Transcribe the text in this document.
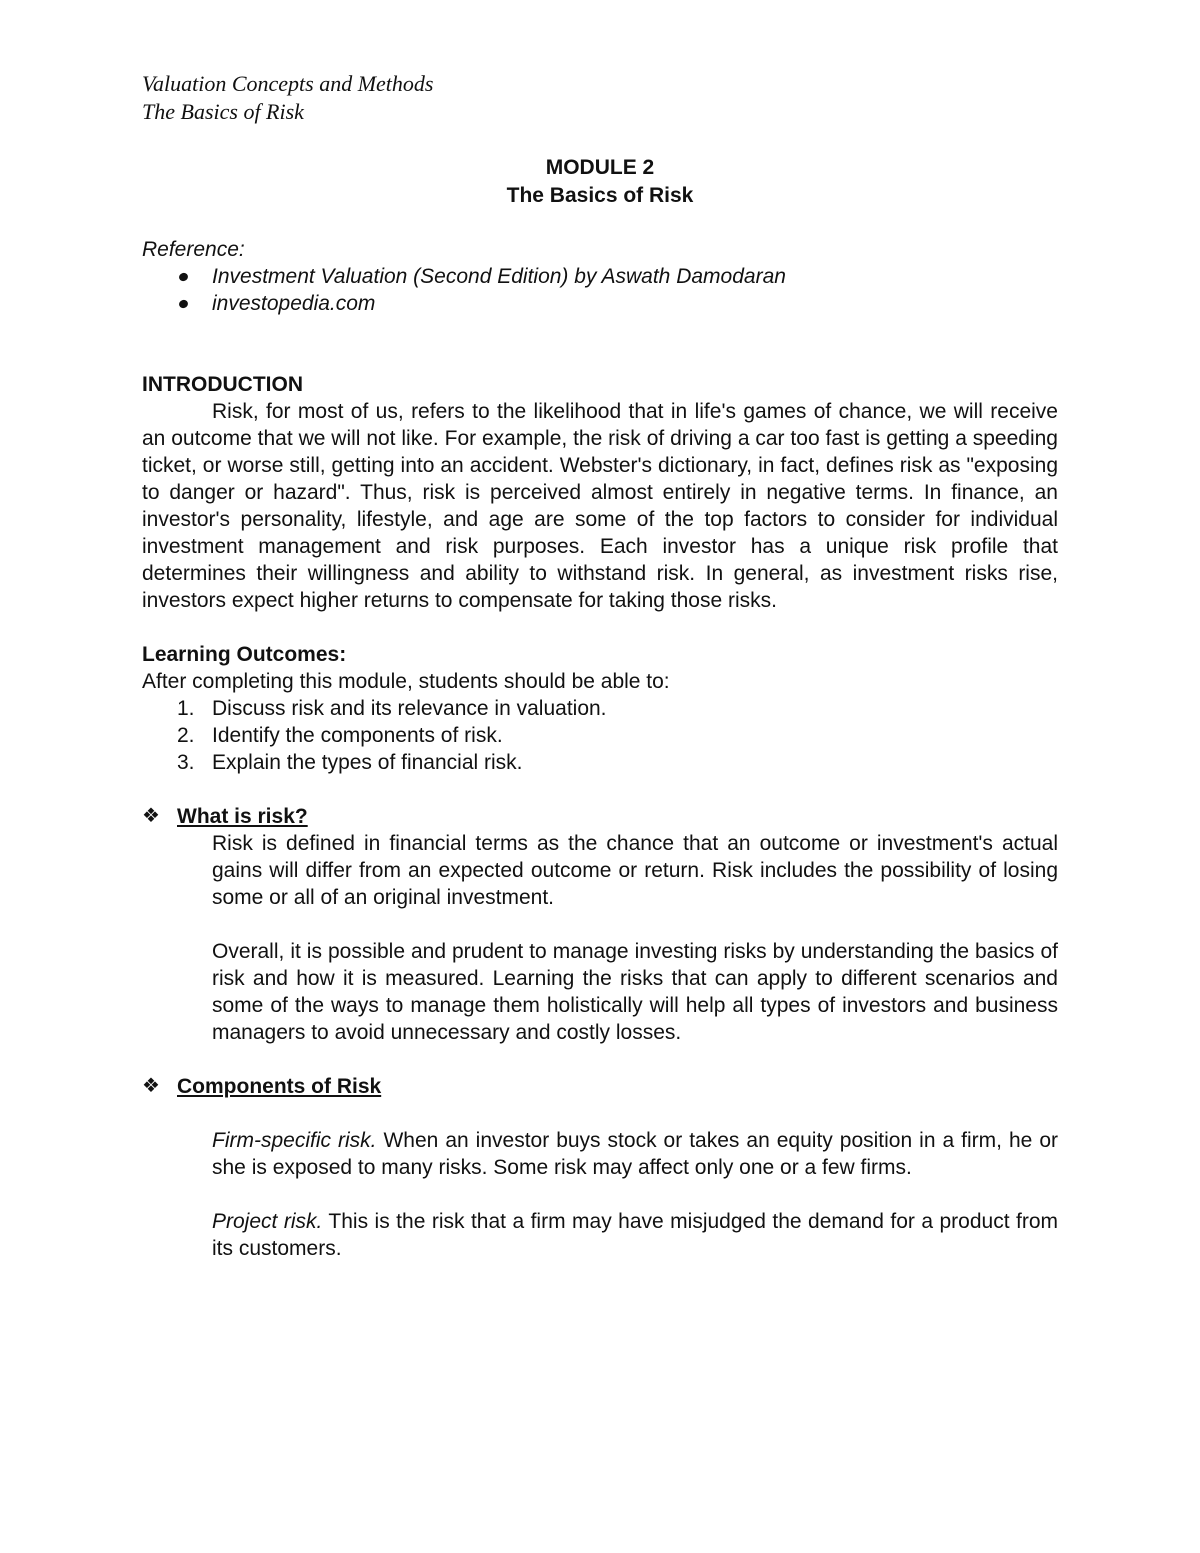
Valuation Concepts and Methods
The Basics of Risk
MODULE 2
The Basics of Risk
Reference:
Investment Valuation (Second Edition) by Aswath Damodaran
investopedia.com
INTRODUCTION
Risk, for most of us, refers to the likelihood that in life's games of chance, we will receive an outcome that we will not like. For example, the risk of driving a car too fast is getting a speeding ticket, or worse still, getting into an accident. Webster's dictionary, in fact, defines risk as "exposing to danger or hazard". Thus, risk is perceived almost entirely in negative terms. In finance, an investor's personality, lifestyle, and age are some of the top factors to consider for individual investment management and risk purposes. Each investor has a unique risk profile that determines their willingness and ability to withstand risk. In general, as investment risks rise, investors expect higher returns to compensate for taking those risks.
Learning Outcomes:
After completing this module, students should be able to:
1. Discuss risk and its relevance in valuation.
2. Identify the components of risk.
3. Explain the types of financial risk.
❖ What is risk?

Risk is defined in financial terms as the chance that an outcome or investment's actual gains will differ from an expected outcome or return. Risk includes the possibility of losing some or all of an original investment.

Overall, it is possible and prudent to manage investing risks by understanding the basics of risk and how it is measured. Learning the risks that can apply to different scenarios and some of the ways to manage them holistically will help all types of investors and business managers to avoid unnecessary and costly losses.

❖ Components of Risk

Firm-specific risk. When an investor buys stock or takes an equity position in a firm, he or she is exposed to many risks. Some risk may affect only one or a few firms.

Project risk. This is the risk that a firm may have misjudged the demand for a product from its customers.
